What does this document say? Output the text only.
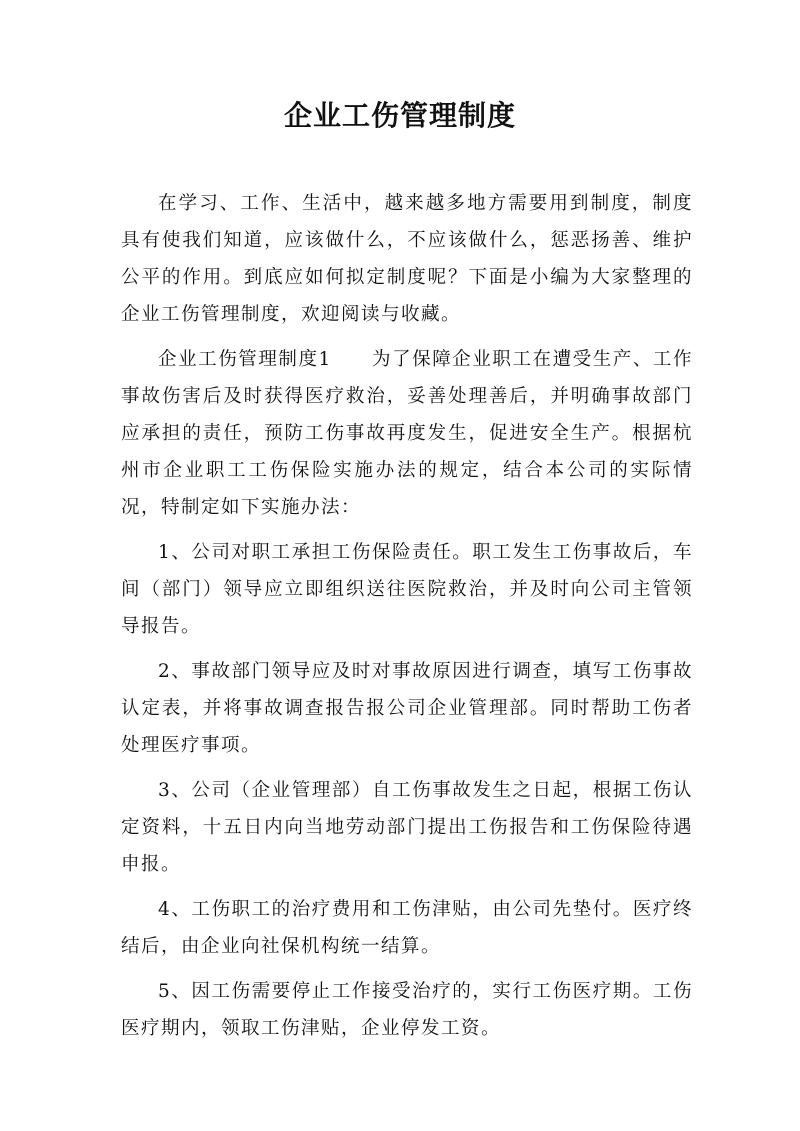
企业工伤管理制度

在学习、工作、生活中，越来越多地方需要用到制度，制度具有使我们知道，应该做什么，不应该做什么，惩恶扬善、维护公平的作用。到底应如何拟定制度呢？下面是小编为大家整理的企业工伤管理制度，欢迎阅读与收藏。

企业工伤管理制度1　　为了保障企业职工在遭受生产、工作事故伤害后及时获得医疗救治，妥善处理善后，并明确事故部门应承担的责任，预防工伤事故再度发生，促进安全生产。根据杭州市企业职工工伤保险实施办法的规定，结合本公司的实际情况，特制定如下实施办法：

1、公司对职工承担工伤保险责任。职工发生工伤事故后，车间（部门）领导应立即组织送往医院救治，并及时向公司主管领导报告。

2、事故部门领导应及时对事故原因进行调查，填写工伤事故认定表，并将事故调查报告报公司企业管理部。同时帮助工伤者处理医疗事项。

3、公司（企业管理部）自工伤事故发生之日起，根据工伤认定资料，十五日内向当地劳动部门提出工伤报告和工伤保险待遇申报。

4、工伤职工的治疗费用和工伤津贴，由公司先垫付。医疗终结后，由企业向社保机构统一结算。

5、因工伤需要停止工作接受治疗的，实行工伤医疗期。工伤医疗期内，领取工伤津贴，企业停发工资。
